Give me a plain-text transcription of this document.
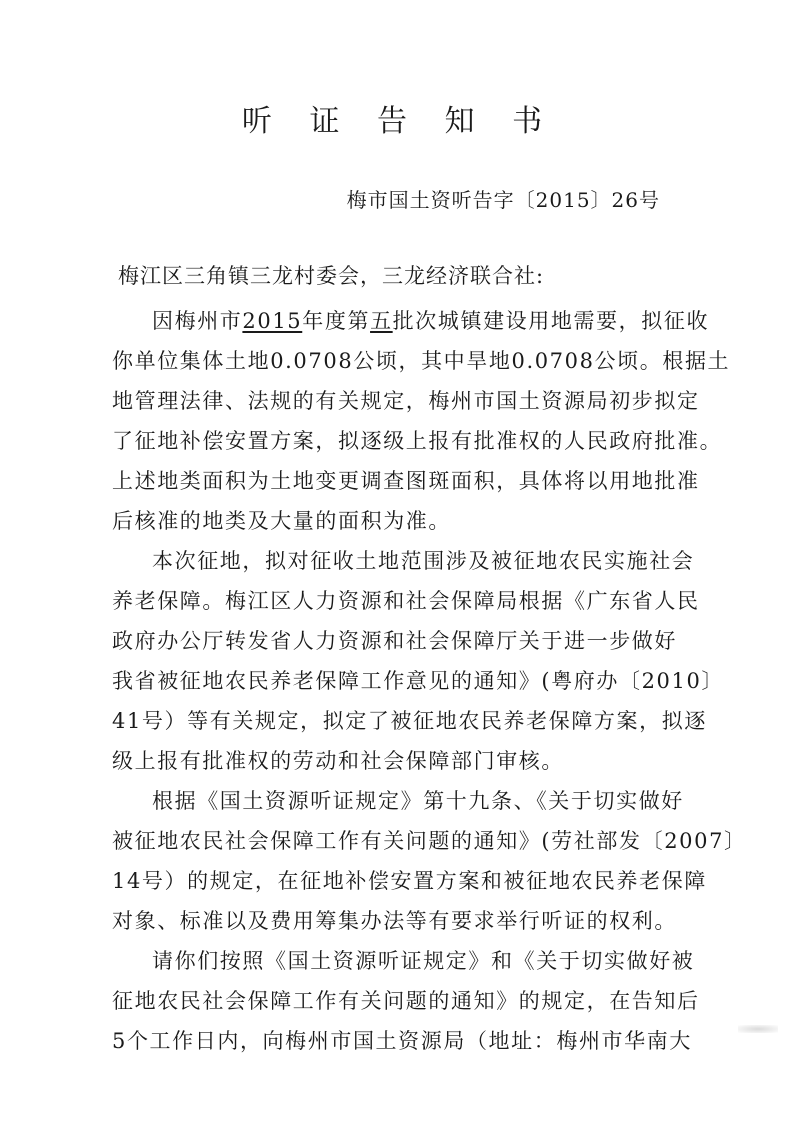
听 证 告 知 书
梅市国土资听告字〔2015〕26号
梅江区三角镇三龙村委会，三龙经济联合社:
因梅州市2015年度第五批次城镇建设用地需要，拟征收
你单位集体土地0.0708公顷，其中旱地0.0708公顷。根据土
地管理法律、法规的有关规定，梅州市国土资源局初步拟定
了征地补偿安置方案，拟逐级上报有批准权的人民政府批准。
上述地类面积为土地变更调查图斑面积，具体将以用地批准
后核准的地类及大量的面积为准。
本次征地，拟对征收土地范围涉及被征地农民实施社会
养老保障。梅江区人力资源和社会保障局根据《广东省人民
政府办公厅转发省人力资源和社会保障厅关于进一步做好
我省被征地农民养老保障工作意见的通知》(粤府办〔2010〕
41号）等有关规定，拟定了被征地农民养老保障方案，拟逐
级上报有批准权的劳动和社会保障部门审核。
根据《国土资源听证规定》第十九条、《关于切实做好
被征地农民社会保障工作有关问题的通知》(劳社部发〔2007〕
14号）的规定，在征地补偿安置方案和被征地农民养老保障
对象、标准以及费用筹集办法等有要求举行听证的权利。
请你们按照《国土资源听证规定》和《关于切实做好被
征地农民社会保障工作有关问题的通知》的规定，在告知后
5个工作日内，向梅州市国土资源局（地址：梅州市华南大
